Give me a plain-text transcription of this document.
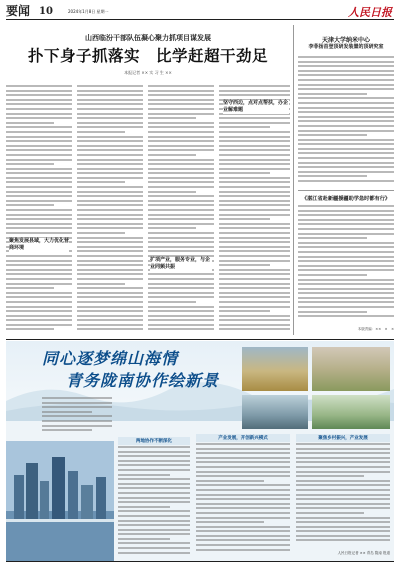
要闻 10	2024年1月8日 星期一	人民日报
山西临汾干部队伍凝心聚力抓项目谋发展
扑下身子抓落实　比学赶超干劲足
本报记者 ×× 实 习 生 ××
聚焦发展县域，大力优化营商环境
扩项产业，服务专业，与企业同频共振
坚守西边，点对点帮扶，办企业解难题
天津大学纳米中心
李菲扬首登顶研发装置的顶研究室
《湛江省赴新疆援疆助学急时都有行》
本版责编：××　×　×
同心逐梦绵山海情
青务陇南协作绘新景
两地协作不断深化
产业发展，开创新兴模式	聚焦乡村振兴，产业发展
人民日报记者 ×× 青岛 陇南 报道
